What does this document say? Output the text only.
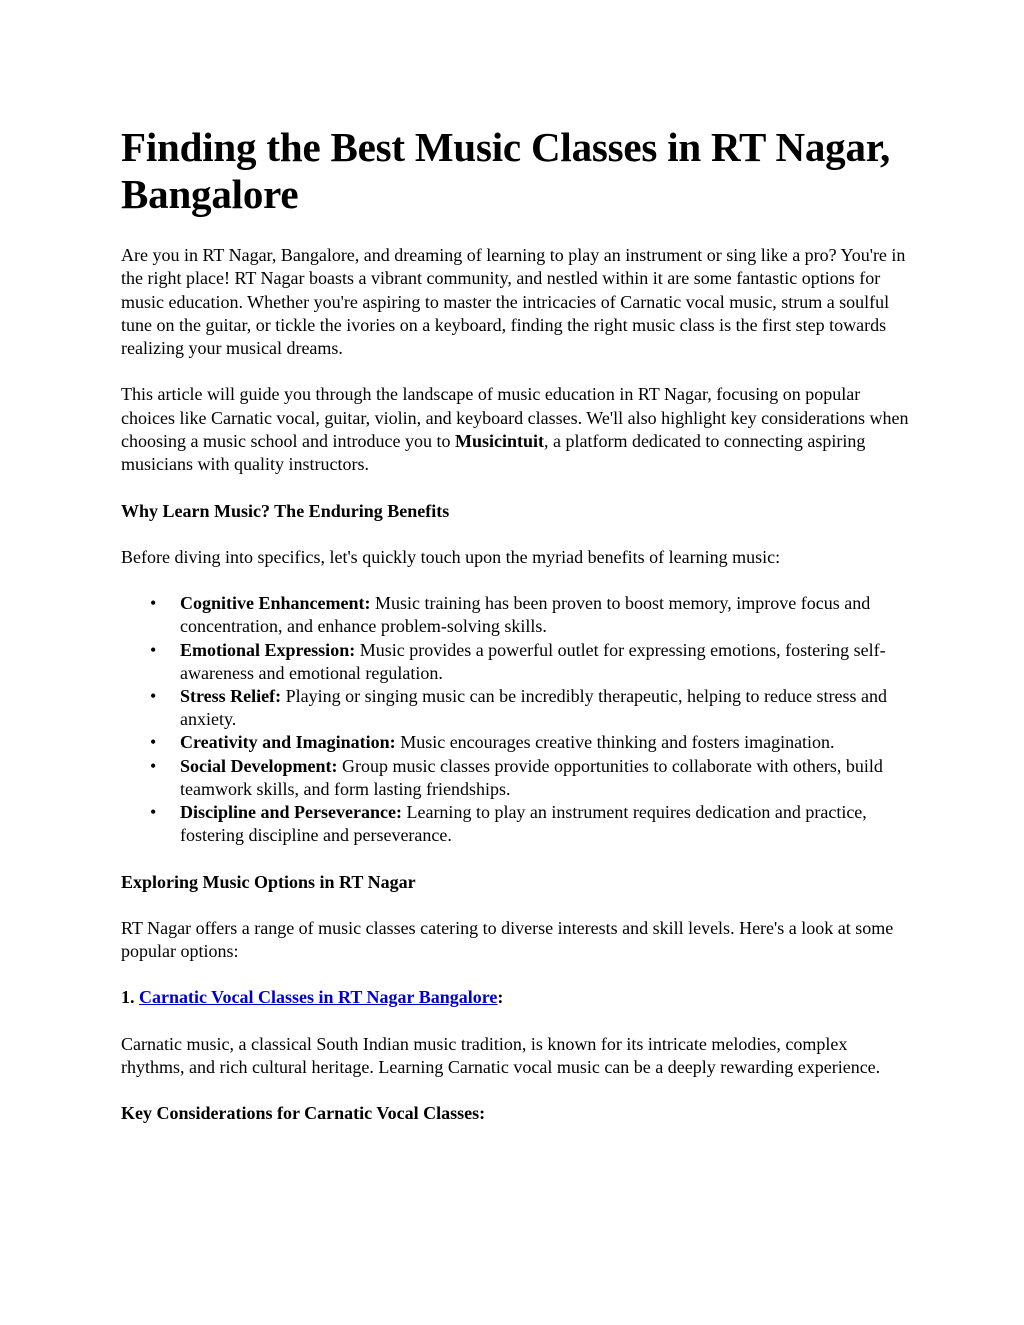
Finding the Best Music Classes in RT Nagar, Bangalore

Are you in RT Nagar, Bangalore, and dreaming of learning to play an instrument or sing like a pro? You're in the right place! RT Nagar boasts a vibrant community, and nestled within it are some fantastic options for music education. Whether you're aspiring to master the intricacies of Carnatic vocal music, strum a soulful tune on the guitar, or tickle the ivories on a keyboard, finding the right music class is the first step towards realizing your musical dreams.

This article will guide you through the landscape of music education in RT Nagar, focusing on popular choices like Carnatic vocal, guitar, violin, and keyboard classes. We'll also highlight key considerations when choosing a music school and introduce you to Musicintuit, a platform dedicated to connecting aspiring musicians with quality instructors.

Why Learn Music? The Enduring Benefits

Before diving into specifics, let's quickly touch upon the myriad benefits of learning music:

• Cognitive Enhancement: Music training has been proven to boost memory, improve focus and concentration, and enhance problem-solving skills.
• Emotional Expression: Music provides a powerful outlet for expressing emotions, fostering self-awareness and emotional regulation.
• Stress Relief: Playing or singing music can be incredibly therapeutic, helping to reduce stress and anxiety.
• Creativity and Imagination: Music encourages creative thinking and fosters imagination.
• Social Development: Group music classes provide opportunities to collaborate with others, build teamwork skills, and form lasting friendships.
• Discipline and Perseverance: Learning to play an instrument requires dedication and practice, fostering discipline and perseverance.
Exploring Music Options in RT Nagar

RT Nagar offers a range of music classes catering to diverse interests and skill levels. Here's a look at some popular options:

1. Carnatic Vocal Classes in RT Nagar Bangalore:

Carnatic music, a classical South Indian music tradition, is known for its intricate melodies, complex rhythms, and rich cultural heritage. Learning Carnatic vocal music can be a deeply rewarding experience.

Key Considerations for Carnatic Vocal Classes:
